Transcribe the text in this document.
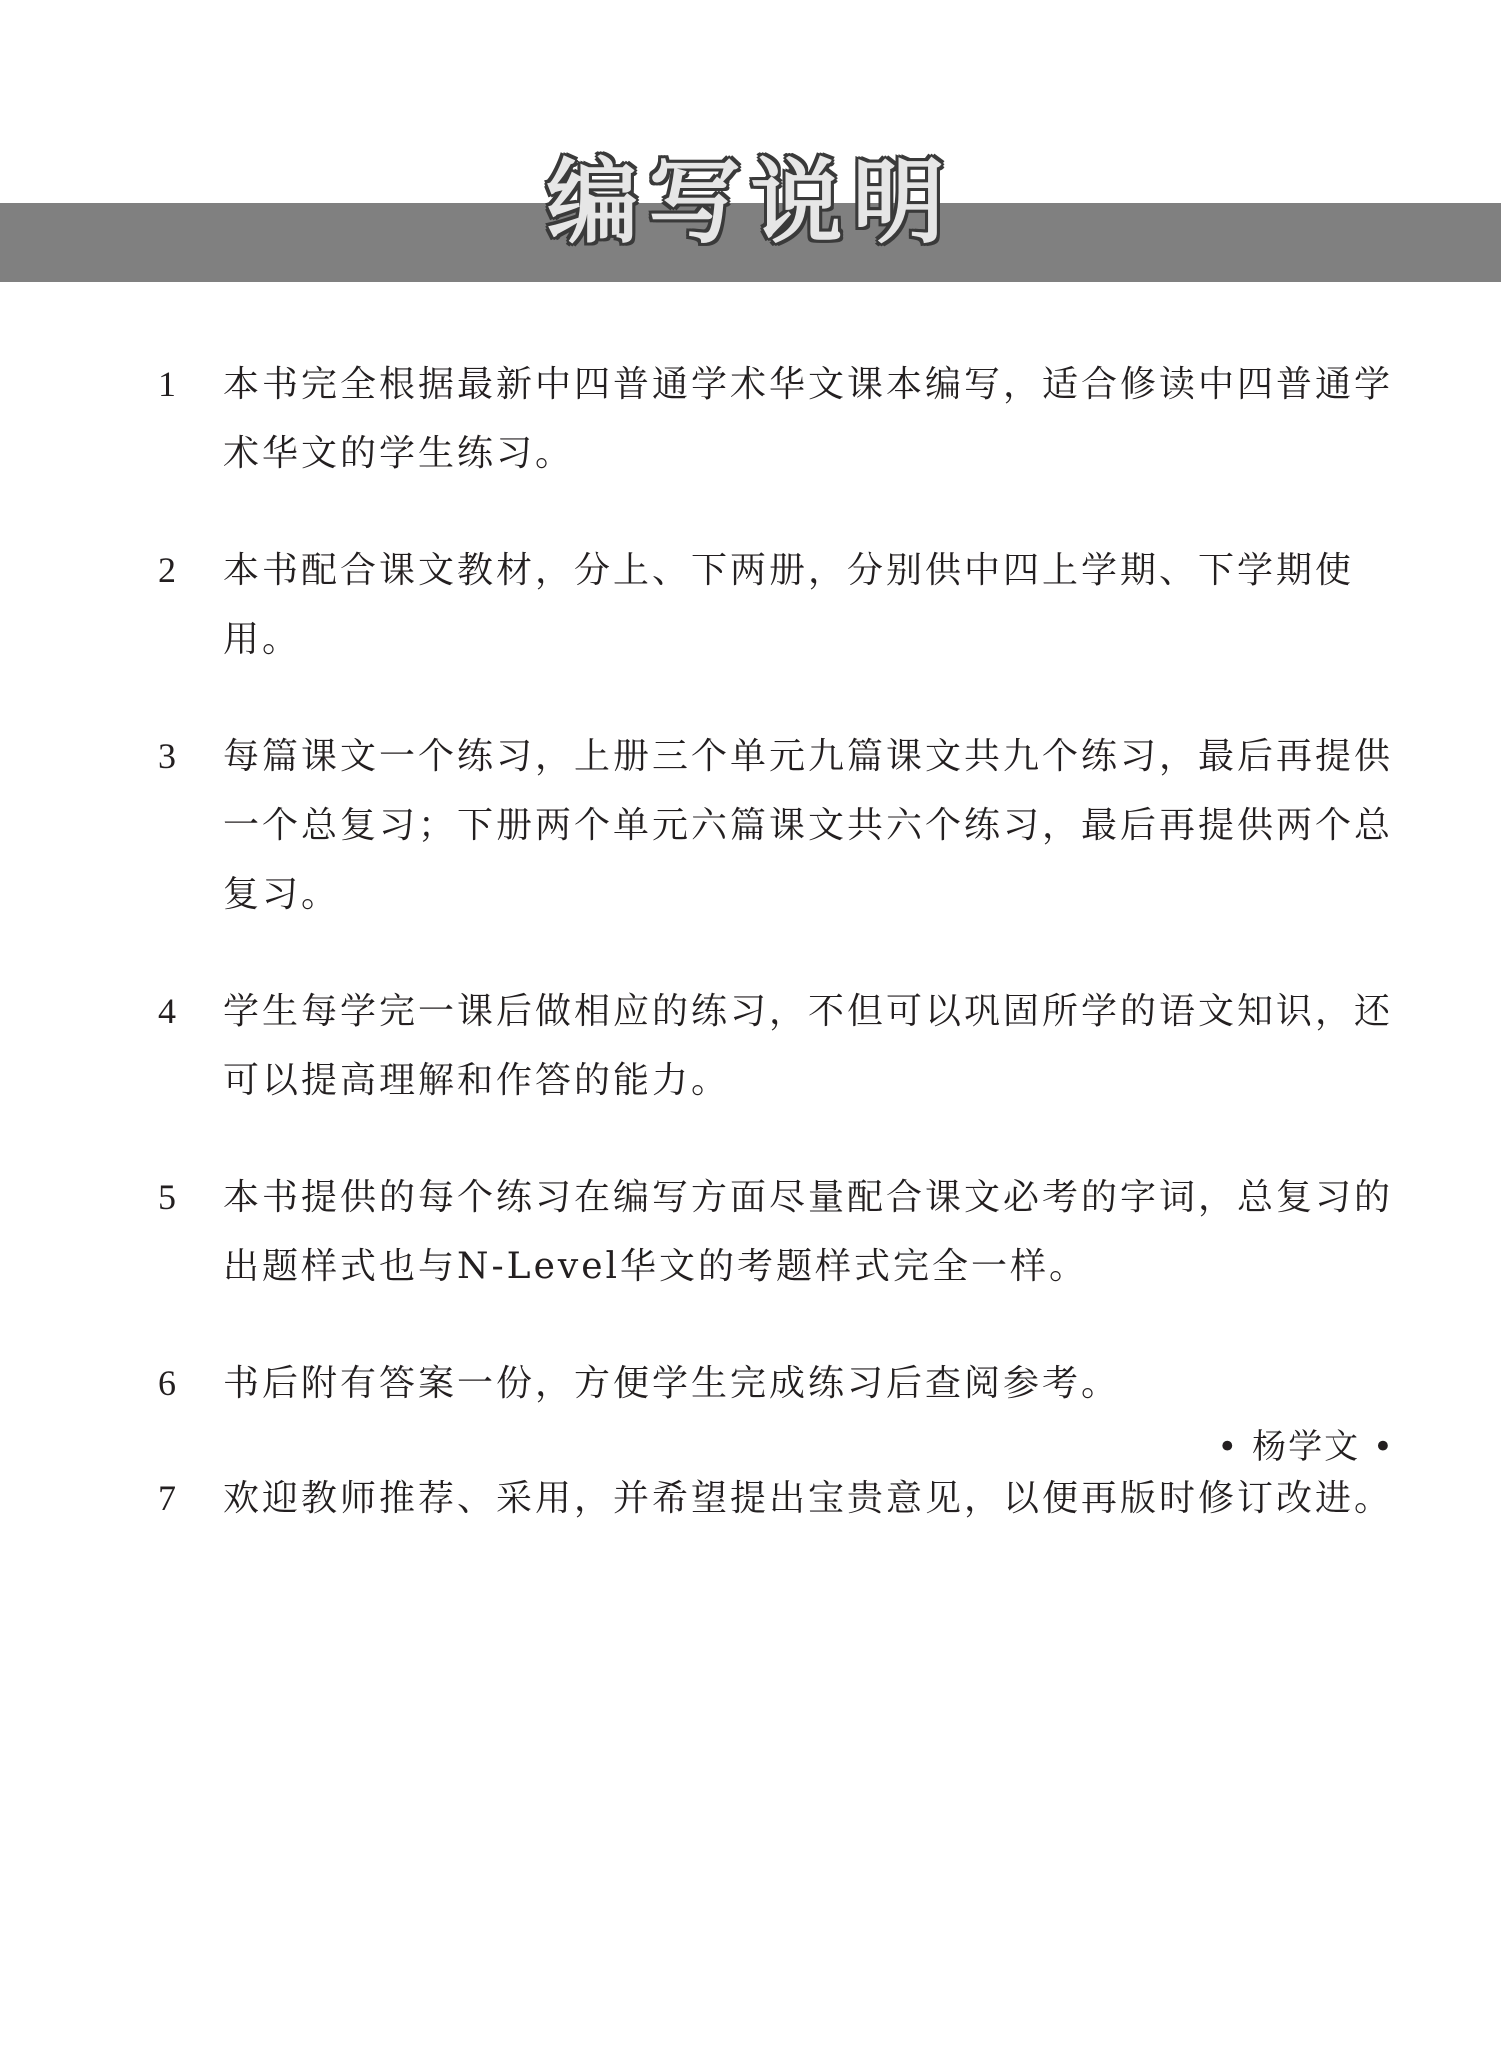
编写说明
1 本书完全根据最新中四普通学术华文课本编写，适合修读中四普通学术华文的学生练习。
2 本书配合课文教材，分上、下两册，分别供中四上学期、下学期使用。
3 每篇课文一个练习，上册三个单元九篇课文共九个练习，最后再提供一个总复习；下册两个单元六篇课文共六个练习，最后再提供两个总复习。
4 学生每学完一课后做相应的练习，不但可以巩固所学的语文知识，还可以提高理解和作答的能力。
5 本书提供的每个练习在编写方面尽量配合课文必考的字词，总复习的出题样式也与N-Level华文的考题样式完全一样。
6 书后附有答案一份，方便学生完成练习后查阅参考。
7 欢迎教师推荐、采用，并希望提出宝贵意见，以便再版时修订改进。
• 杨学文 •
